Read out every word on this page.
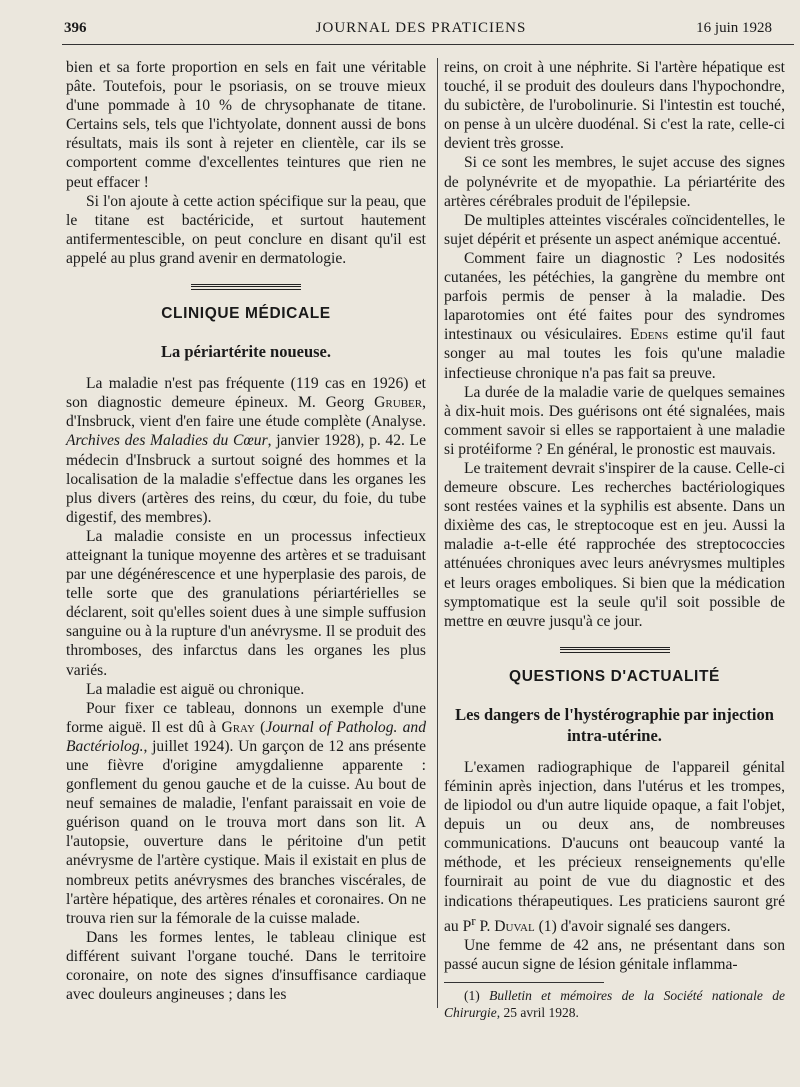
396	JOURNAL DES PRATICIENS	16 juin 1928

bien et sa forte proportion en sels en fait une véritable pâte. Toutefois, pour le psoriasis, on se trouve mieux d'une pommade à 10 % de chrysophanate de titane. Certains sels, tels que l'ichtyolate, donnent aussi de bons résultats, mais ils sont à rejeter en clientèle, car ils se comportent comme d'excellentes teintures que rien ne peut effacer !

Si l'on ajoute à cette action spécifique sur la peau, que le titane est bactéricide, et surtout hautement antifermentescible, on peut conclure en disant qu'il est appelé au plus grand avenir en dermatologie.

CLINIQUE MÉDICALE
La périartérite noueuse.

La maladie n'est pas fréquente (119 cas en 1926) et son diagnostic demeure épineux. M. Georg Gruber, d'Insbruck, vient d'en faire une étude complète (Analyse. Archives des Maladies du Cœur, janvier 1928), p. 42. Le médecin d'Insbruck a surtout soigné des hommes et la localisation de la maladie s'effectue dans les organes les plus divers (artères des reins, du cœur, du foie, du tube digestif, des membres).

La maladie consiste en un processus infectieux atteignant la tunique moyenne des artères et se traduisant par une dégénérescence et une hyperplasie des parois, de telle sorte que des granulations périartérielles se déclarent, soit qu'elles soient dues à une simple suffusion sanguine ou à la rupture d'un anévrysme. Il se produit des thromboses, des infarctus dans les organes les plus variés.

La maladie est aiguë ou chronique.

Pour fixer ce tableau, donnons un exemple d'une forme aiguë. Il est dû à Gray (Journal of Patholog. and Bactériolog., juillet 1924). Un garçon de 12 ans présente une fièvre d'origine amygdalienne apparente : gonflement du genou gauche et de la cuisse. Au bout de neuf semaines de maladie, l'enfant paraissait en voie de guérison quand on le trouva mort dans son lit. A l'autopsie, ouverture dans le péritoine d'un petit anévrysme de l'artère cystique. Mais il existait en plus de nombreux petits anévrysmes des branches viscérales, de l'artère hépatique, des artères rénales et coronaires. On ne trouva rien sur la fémorale de la cuisse malade.

Dans les formes lentes, le tableau clinique est différent suivant l'organe touché. Dans le territoire coronaire, on note des signes d'insuffisance cardiaque avec douleurs angineuses ; dans les

reins, on croit à une néphrite. Si l'artère hépatique est touché, il se produit des douleurs dans l'hypochondre, du subictère, de l'urobolinurie. Si l'intestin est touché, on pense à un ulcère duodénal. Si c'est la rate, celle-ci devient très grosse.

Si ce sont les membres, le sujet accuse des signes de polynévrite et de myopathie. La périartérite des artères cérébrales produit de l'épilepsie.

De multiples atteintes viscérales coïncidentelles, le sujet dépérit et présente un aspect anémique accentué.

Comment faire un diagnostic ? Les nodosités cutanées, les pétéchies, la gangrène du membre ont parfois permis de penser à la maladie. Des laparotomies ont été faites pour des syndromes intestinaux ou vésiculaires. Edens estime qu'il faut songer au mal toutes les fois qu'une maladie infectieuse chronique n'a pas fait sa preuve.

La durée de la maladie varie de quelques semaines à dix-huit mois. Des guérisons ont été signalées, mais comment savoir si elles se rapportaient à une maladie si protéiforme ? En général, le pronostic est mauvais.

Le traitement devrait s'inspirer de la cause. Celle-ci demeure obscure. Les recherches bactériologiques sont restées vaines et la syphilis est absente. Dans un dixième des cas, le streptocoque est en jeu. Aussi la maladie a-t-elle été rapprochée des streptococcies atténuées chroniques avec leurs anévrysmes multiples et leurs orages emboliques. Si bien que la médication symptomatique est la seule qu'il soit possible de mettre en œuvre jusqu'à ce jour.

QUESTIONS D'ACTUALITÉ
Les dangers de l'hystérographie par injection intra-utérine.

L'examen radiographique de l'appareil génital féminin après injection, dans l'utérus et les trompes, de lipiodol ou d'un autre liquide opaque, a fait l'objet, depuis un ou deux ans, de nombreuses communications. D'aucuns ont beaucoup vanté la méthode, et les précieux renseignements qu'elle fournirait au point de vue du diagnostic et des indications thérapeutiques. Les praticiens sauront gré au $P^r$ P. Duval (1) d'avoir signalé ses dangers.

Une femme de 42 ans, ne présentant dans son passé aucun signe de lésion génitale inflamma-

(1) Bulletin et mémoires de la Société nationale de Chirurgie, 25 avril 1928.
